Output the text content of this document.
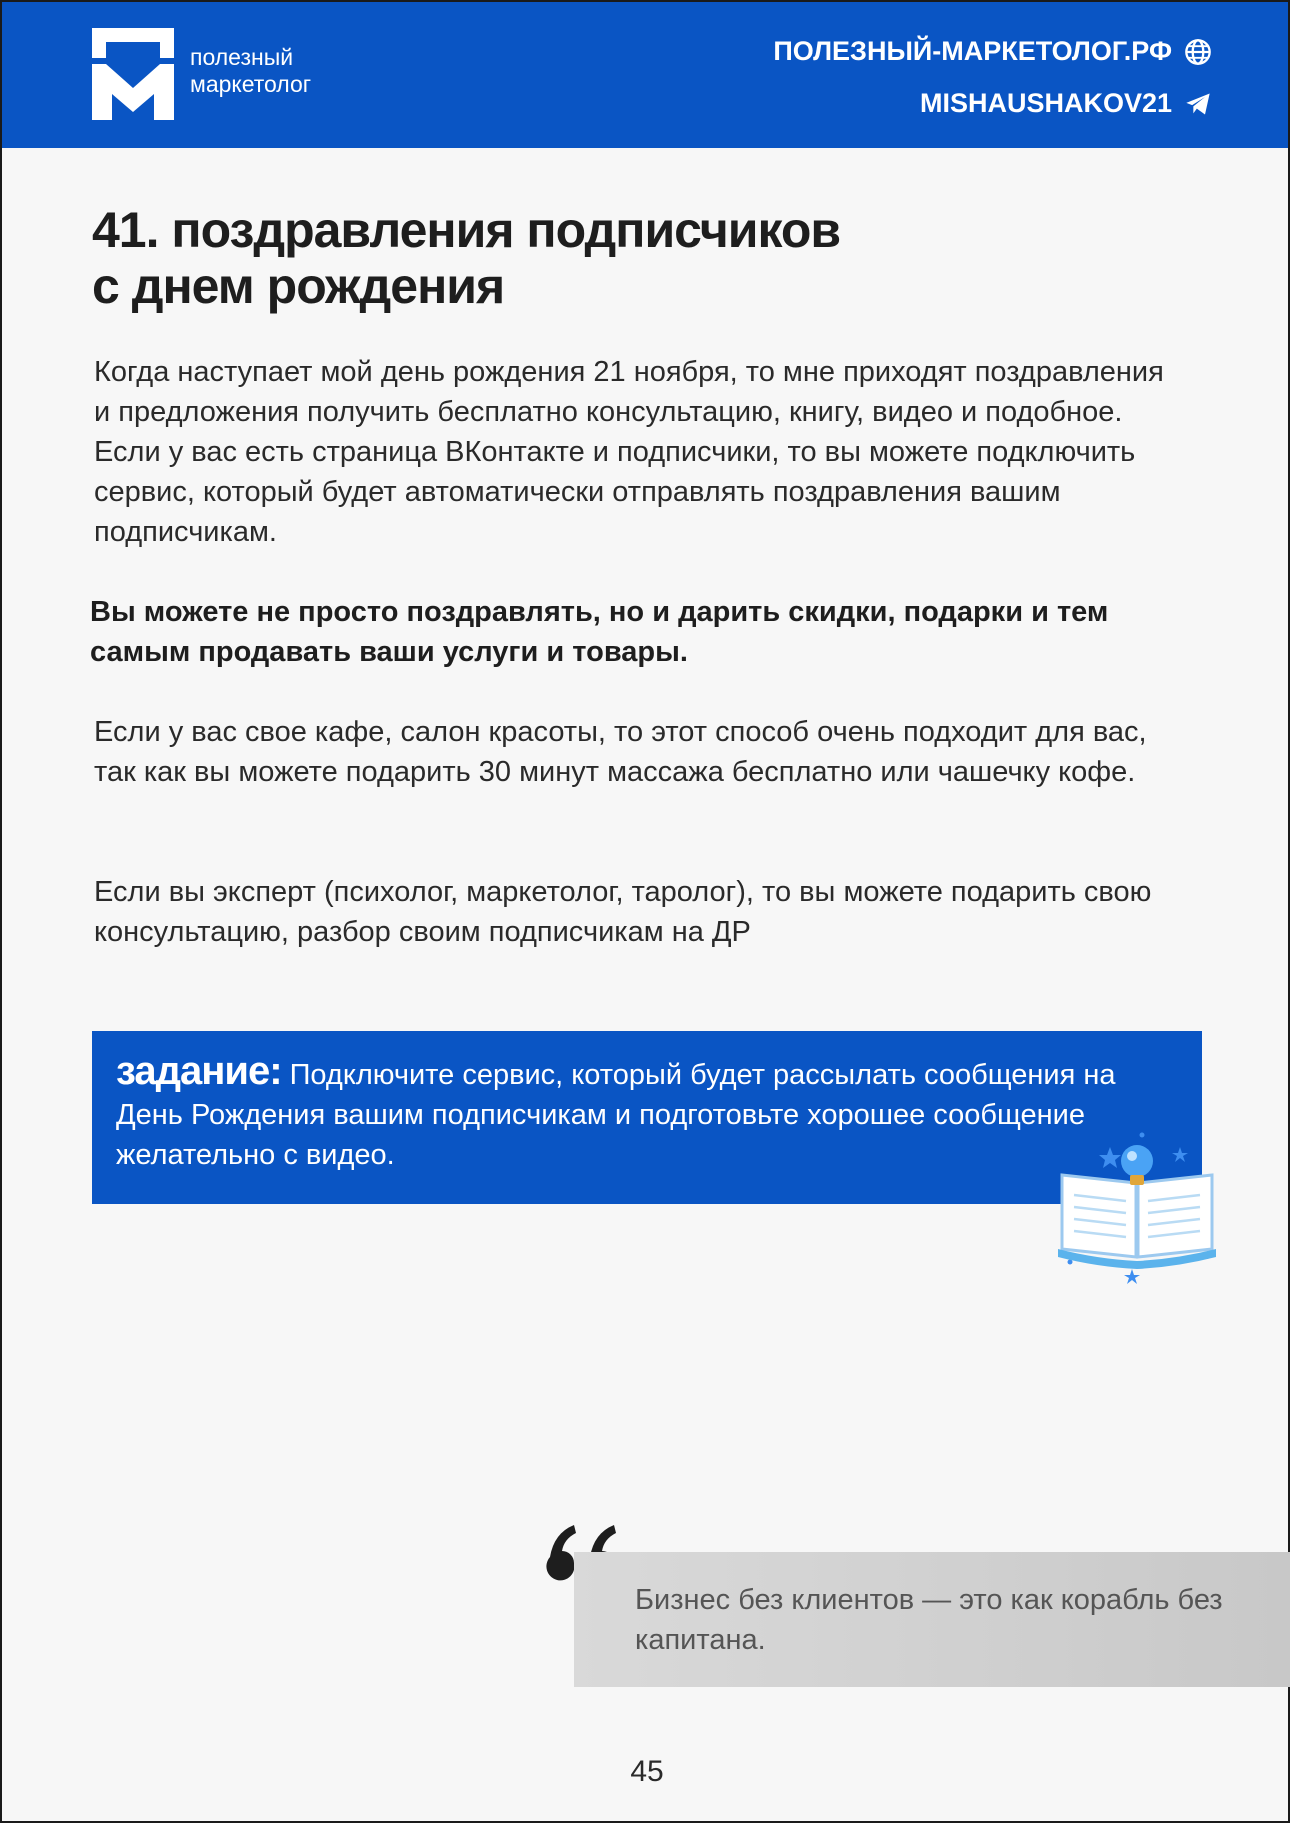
полезный
маркетолог
ПОЛЕЗНЫЙ-МАРКЕТОЛОГ.РФ
MISHAUSHAKOV21
41. поздравления подписчиков
с днем рождения
Когда наступает мой день рождения 21 ноября, то мне приходят поздравления и предложения получить бесплатно консультацию, книгу, видео и подобное. Если у вас есть страница ВКонтакте и подписчики, то вы можете подключить сервис, который будет автоматически отправлять поздравления вашим подписчикам.
Вы можете не просто поздравлять, но и дарить скидки, подарки и тем самым продавать ваши услуги и товары.
Если у вас свое кафе, салон красоты, то этот способ очень подходит для вас, так как вы можете подарить 30 минут массажа бесплатно или чашечку кофе.
Если вы эксперт (психолог, маркетолог, таролог), то вы можете подарить свою консультацию, разбор своим подписчикам на ДР
задание: Подключите сервис, который будет рассылать сообщения на День Рождения вашим подписчикам и подготовьте хорошее сообщение желательно с видео.
Бизнес без клиентов — это как корабль без капитана.
45
